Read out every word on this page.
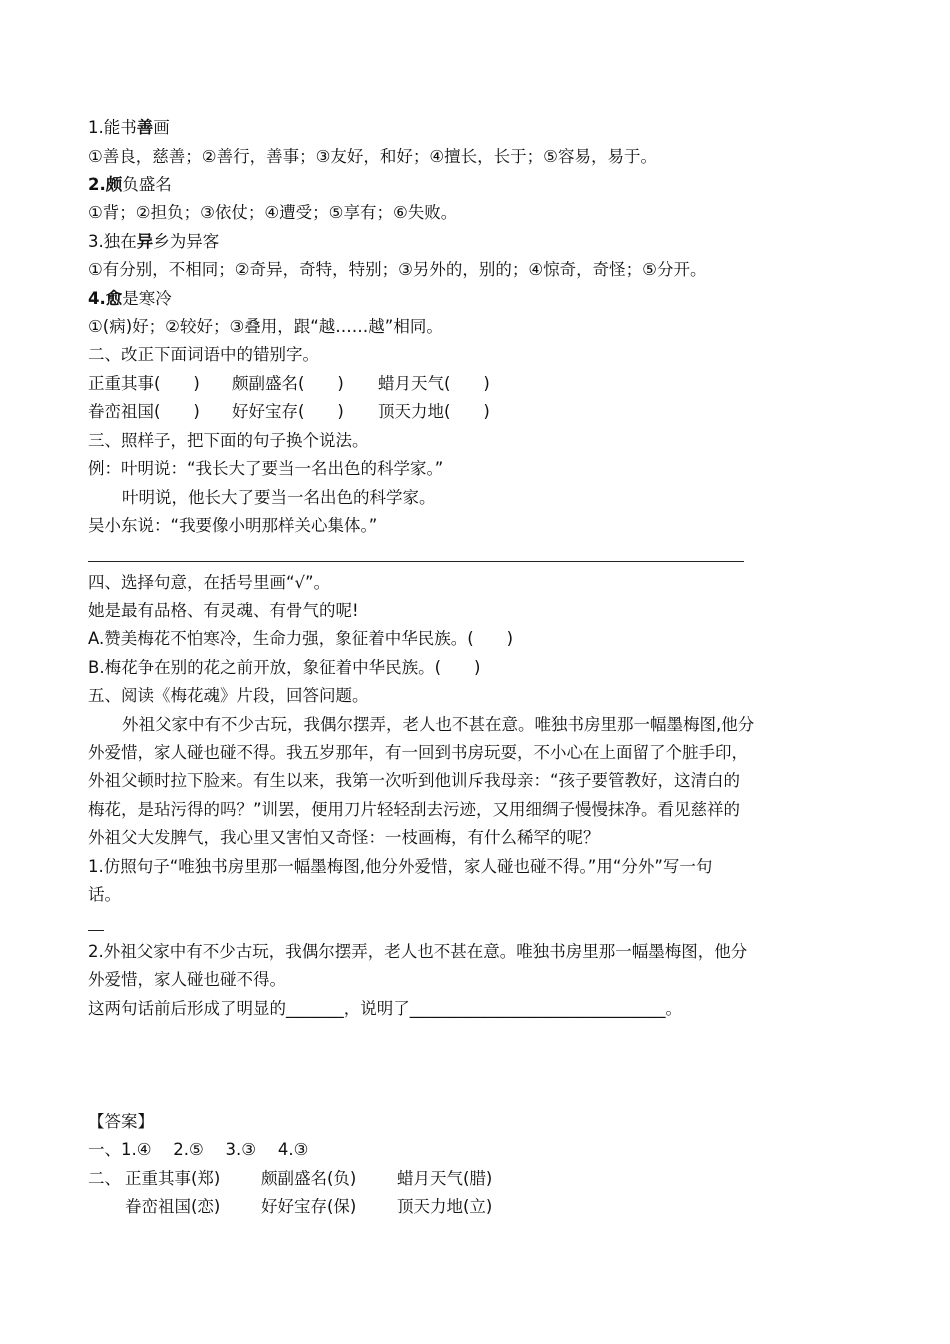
1.能书善画
①善良，慈善；②善行，善事；③友好，和好；④擅长，长于；⑤容易，易于。
2.颇负盛名
①背；②担负；③依仗；④遭受；⑤享有；⑥失败。
3.独在异乡为异客
①有分别，不相同；②奇异，奇特，特别；③另外的，别的；④惊奇，奇怪；⑤分开。
4.愈是寒冷
①(病)好；②较好；③叠用，跟“越……越”相同。
二、改正下面词语中的错别字。
正重其事(　　) 颇副盛名(　　) 蜡月天气(　　)
眷峦祖国(　　) 好好宝存(　　) 顶天力地(　　)
三、照样子，把下面的句子换个说法。
例：叶明说：“我长大了要当一名出色的科学家。”
叶明说，他长大了要当一名出色的科学家。
吴小东说：“我要像小明那样关心集体。”
四、选择句意，在括号里画“√”。
她是最有品格、有灵魂、有骨气的呢!
A.赞美梅花不怕寒冷，生命力强，象征着中华民族。(　　)
B.梅花争在别的花之前开放，象征着中华民族。(　　)
五、阅读《梅花魂》片段，回答问题。
外祖父家中有不少古玩，我偶尔摆弄，老人也不甚在意。唯独书房里那一幅墨梅图,他分
外爱惜，家人碰也碰不得。我五岁那年，有一回到书房玩耍，不小心在上面留了个脏手印，
外祖父顿时拉下脸来。有生以来，我第一次听到他训斥我母亲：“孩子要管教好，这清白的
梅花，是玷污得的吗？”训罢，便用刀片轻轻刮去污迹，又用细绸子慢慢抹净。看见慈祥的
外祖父大发脾气，我心里又害怕又奇怪：一枝画梅，有什么稀罕的呢？
1.仿照句子“唯独书房里那一幅墨梅图,他分外爱惜，家人碰也碰不得。”用“分外”写一句
话。
2.外祖父家中有不少古玩，我偶尔摆弄，老人也不甚在意。唯独书房里那一幅墨梅图，他分
外爱惜，家人碰也碰不得。
这两句话前后形成了明显的_______，说明了_______________________________。
【答案】
一、1.④　 2.⑤　 3.③　 4.③
二、 正重其事(郑) 颇副盛名(负) 蜡月天气(腊)
眷峦祖国(恋) 好好宝存(保) 顶天力地(立)
